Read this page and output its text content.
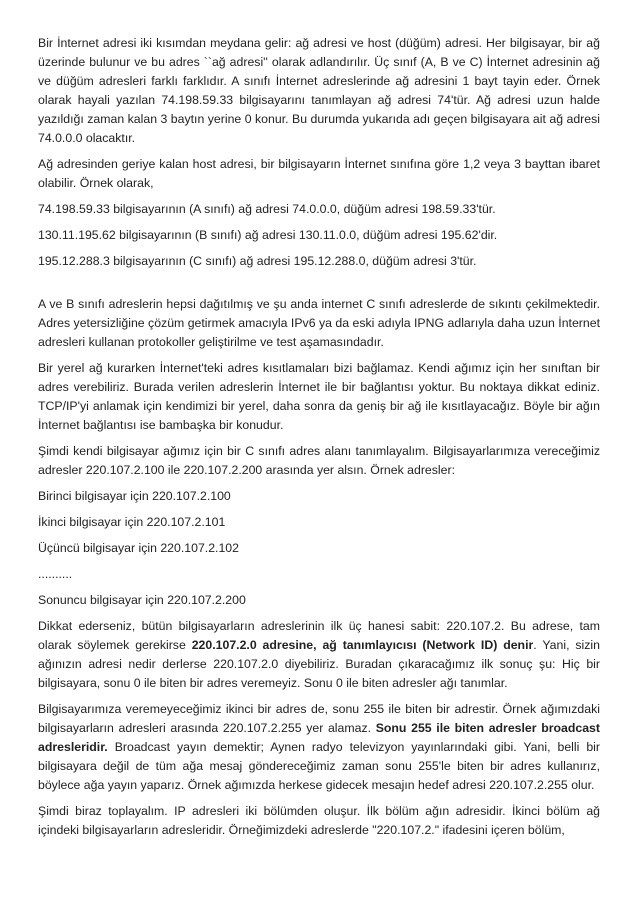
Bir İnternet adresi iki kısımdan meydana gelir: ağ adresi ve host (düğüm) adresi. Her bilgisayar, bir ağ üzerinde bulunur ve bu adres ``ağ adresi'' olarak adlandırılır. Üç sınıf (A, B ve C) İnternet adresinin ağ ve düğüm adresleri farklı farklıdır. A sınıfı İnternet adreslerinde ağ adresini 1 bayt tayin eder. Örnek olarak hayali yazılan 74.198.59.33 bilgisayarını tanımlayan ağ adresi 74'tür. Ağ adresi uzun halde yazıldığı zaman kalan 3 baytın yerine 0 konur. Bu durumda yukarıda adı geçen bilgisayara ait ağ adresi 74.0.0.0 olacaktır.

Ağ adresinden geriye kalan host adresi, bir bilgisayarın İnternet sınıfına göre 1,2 veya 3 bayttan ibaret olabilir. Örnek olarak,

74.198.59.33 bilgisayarının (A sınıfı) ağ adresi 74.0.0.0, düğüm adresi 198.59.33'tür.

130.11.195.62 bilgisayarının (B sınıfı) ağ adresi 130.11.0.0, düğüm adresi 195.62'dir.

195.12.288.3 bilgisayarının (C sınıfı) ağ adresi 195.12.288.0, düğüm adresi 3'tür.

A ve B sınıfı adreslerin hepsi dağıtılmış ve şu anda internet C sınıfı adreslerde de sıkıntı çekilmektedir. Adres yetersizliğine çözüm getirmek amacıyla IPv6 ya da eski adıyla IPNG adlarıyla daha uzun İnternet adresleri kullanan protokoller geliştirilme ve test aşamasındadır.

Bir yerel ağ kurarken İnternet'teki adres kısıtlamaları bizi bağlamaz. Kendi ağımız için her sınıftan bir adres verebiliriz. Burada verilen adreslerin İnternet ile bir bağlantısı yoktur. Bu noktaya dikkat ediniz. TCP/IP'yi anlamak için kendimizi bir yerel, daha sonra da geniş bir ağ ile kısıtlayacağız. Böyle bir ağın İnternet bağlantısı ise bambaşka bir konudur.

Şimdi kendi bilgisayar ağımız için bir C sınıfı adres alanı tanımlayalım. Bilgisayarlarımıza vereceğimiz adresler 220.107.2.100 ile 220.107.2.200 arasında yer alsın. Örnek adresler:

Birinci bilgisayar için 220.107.2.100

İkinci bilgisayar için 220.107.2.101

Üçüncü bilgisayar için 220.107.2.102

..........

Sonuncu bilgisayar için 220.107.2.200

Dikkat ederseniz, bütün bilgisayarların adreslerinin ilk üç hanesi sabit: 220.107.2. Bu adrese, tam olarak söylemek gerekirse 220.107.2.0 adresine, ağ tanımlayıcısı (Network ID) denir. Yani, sizin ağınızın adresi nedir derlerse 220.107.2.0 diyebiliriz. Buradan çıkaracağımız ilk sonuç şu: Hiç bir bilgisayara, sonu 0 ile biten bir adres veremeyiz. Sonu 0 ile biten adresler ağı tanımlar.

Bilgisayarımıza veremeyeceğimiz ikinci bir adres de, sonu 255 ile biten bir adrestir. Örnek ağımızdaki bilgisayarların adresleri arasında 220.107.2.255 yer alamaz. Sonu 255 ile biten adresler broadcast adresleridir. Broadcast yayın demektir; Aynen radyo televizyon yayınlarındaki gibi. Yani, belli bir bilgisayara değil de tüm ağa mesaj göndereceğimiz zaman sonu 255'le biten bir adres kullanırız, böylece ağa yayın yaparız. Örnek ağımızda herkese gidecek mesajın hedef adresi 220.107.2.255 olur.

Şimdi biraz toplayalım. IP adresleri iki bölümden oluşur. İlk bölüm ağın adresidir. İkinci bölüm ağ içindeki bilgisayarların adresleridir. Örneğimizdeki adreslerde "220.107.2." ifadesini içeren bölüm,
